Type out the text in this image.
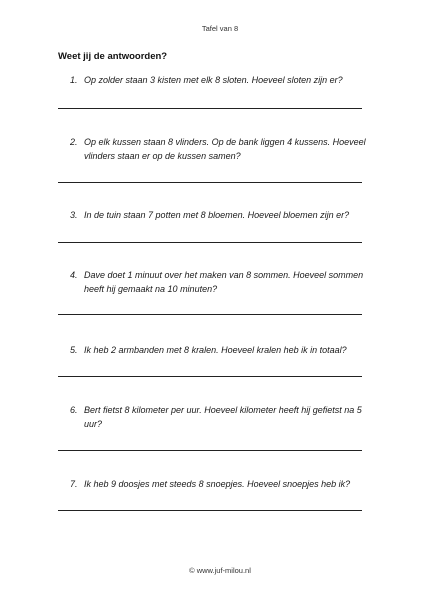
Tafel van 8
Weet jij de antwoorden?
1. Op zolder staan 3 kisten met elk 8 sloten. Hoeveel sloten zijn er?
2. Op elk kussen staan 8 vlinders. Op de bank liggen 4 kussens. Hoeveel vlinders staan er op de kussen samen?
3. In de tuin staan 7 potten met 8 bloemen. Hoeveel bloemen zijn er?
4. Dave doet 1 minuut over het maken van 8 sommen. Hoeveel sommen heeft hij gemaakt na 10 minuten?
5. Ik heb 2 armbanden met 8 kralen. Hoeveel kralen heb ik in totaal?
6. Bert fietst 8 kilometer per uur. Hoeveel kilometer heeft hij gefietst na 5 uur?
7. Ik heb 9 doosjes met steeds 8 snoepjes. Hoeveel snoepjes heb ik?
© www.juf-milou.nl
